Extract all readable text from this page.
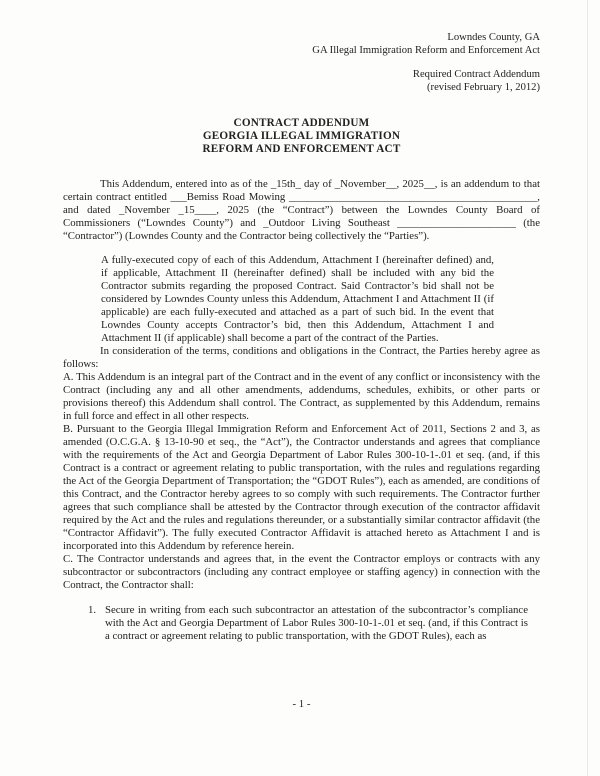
Lowndes County, GA
GA Illegal Immigration Reform and Enforcement Act
Required Contract Addendum
(revised February 1, 2012)
CONTRACT ADDENDUM
GEORGIA ILLEGAL IMMIGRATION
REFORM AND ENFORCEMENT ACT

This Addendum, entered into as of the _15th_ day of _November__, 2025__, is an addendum to that certain contract entitled ___Bemiss Road Mowing ______________________________________________, and dated _November _15____, 2025 (the “Contract”) between the Lowndes County Board of Commissioners (“Lowndes County”) and _Outdoor Living Southeast ______________________ (the “Contractor”) (Lowndes County and the Contractor being collectively the “Parties”).

A fully-executed copy of each of this Addendum, Attachment I (hereinafter defined) and, if applicable, Attachment II (hereinafter defined) shall be included with any bid the Contractor submits regarding the proposed Contract. Said Contractor’s bid shall not be considered by Lowndes County unless this Addendum, Attachment I and Attachment II (if applicable) are each fully-executed and attached as a part of such bid. In the event that Lowndes County accepts Contractor’s bid, then this Addendum, Attachment I and Attachment II (if applicable) shall become a part of the contract of the Parties.

In consideration of the terms, conditions and obligations in the Contract, the Parties hereby agree as follows:

A. This Addendum is an integral part of the Contract and in the event of any conflict or inconsistency with the Contract (including any and all other amendments, addendums, schedules, exhibits, or other parts or provisions thereof) this Addendum shall control. The Contract, as supplemented by this Addendum, remains in full force and effect in all other respects.

B. Pursuant to the Georgia Illegal Immigration Reform and Enforcement Act of 2011, Sections 2 and 3, as amended (O.C.G.A. § 13-10-90 et seq., the “Act”), the Contractor understands and agrees that compliance with the requirements of the Act and Georgia Department of Labor Rules 300-10-1-.01 et seq. (and, if this Contract is a contract or agreement relating to public transportation, with the rules and regulations regarding the Act of the Georgia Department of Transportation; the “GDOT Rules”), each as amended, are conditions of this Contract, and the Contractor hereby agrees to so comply with such requirements. The Contractor further agrees that such compliance shall be attested by the Contractor through execution of the contractor affidavit required by the Act and the rules and regulations thereunder, or a substantially similar contractor affidavit (the “Contractor Affidavit”). The fully executed Contractor Affidavit is attached hereto as Attachment I and is incorporated into this Addendum by reference herein.

C. The Contractor understands and agrees that, in the event the Contractor employs or contracts with any subcontractor or subcontractors (including any contract employee or staffing agency) in connection with the Contract, the Contractor shall:

1. Secure in writing from each such subcontractor an attestation of the subcontractor’s compliance with the Act and Georgia Department of Labor Rules 300-10-1-.01 et seq. (and, if this Contract is a contract or agreement relating to public transportation, with the GDOT Rules), each as
- 1 -
